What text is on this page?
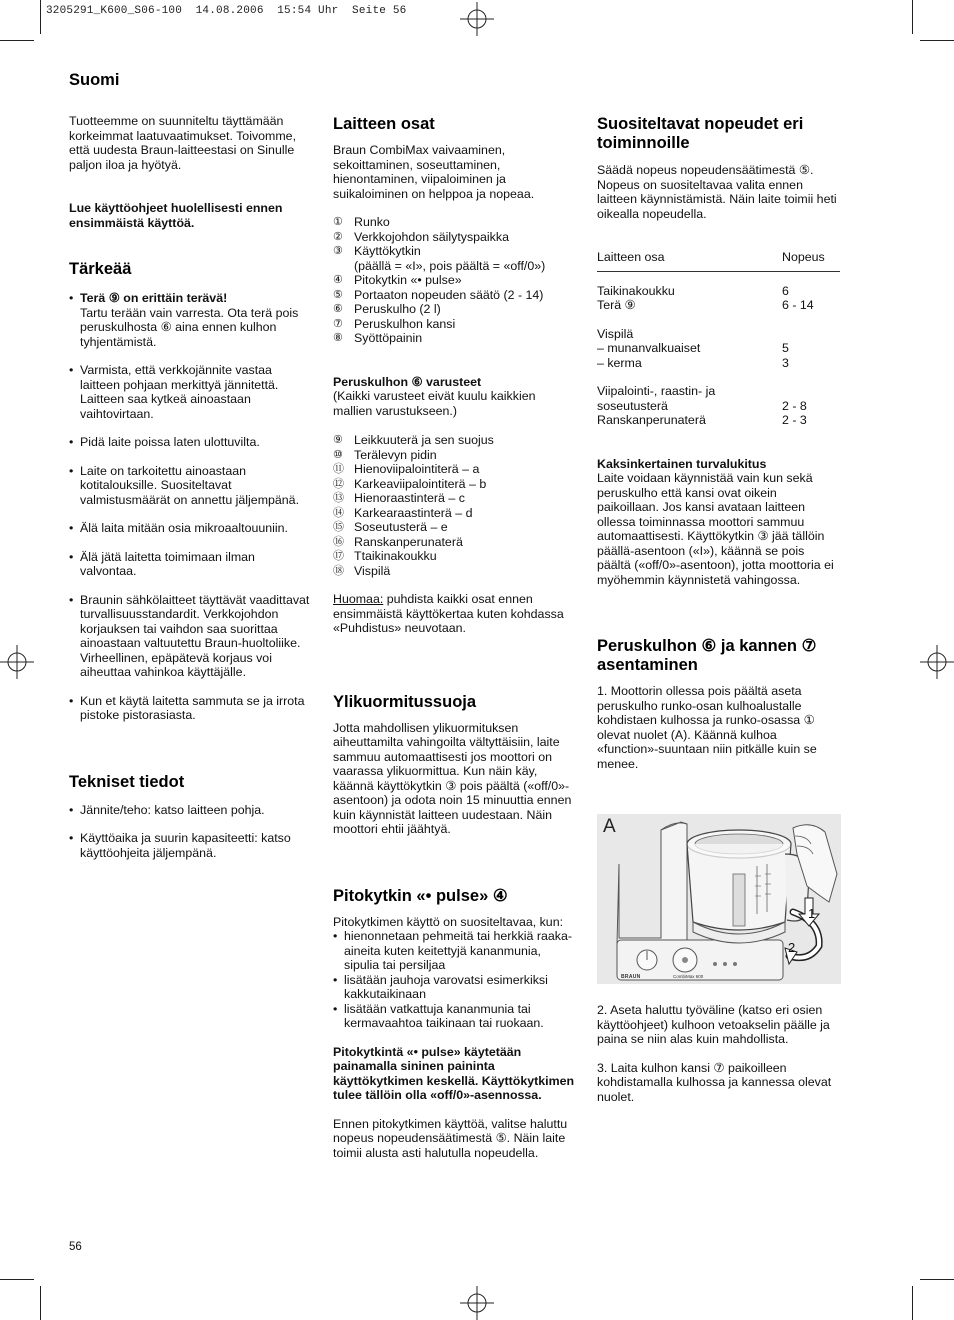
3205291_K600_S06-100  14.08.2006  15:54 Uhr  Seite 56
Suomi

Tuotteemme on suunniteltu täyttämään korkeimmat laatuvaatimukset. Toivomme, että uudesta Braun-laitteestasi on Sinulle paljon iloa ja hyötyä.

Lue käyttöohjeet huolellisesti ennen ensimmäistä käyttöä.

Tärkeää
• Terä ⑨ on erittäin terävä!
Tartu terään vain varresta. Ota terä pois peruskulhosta ⑥ aina ennen kulhon tyhjentämistä.
• Varmista, että verkkojännite vastaa laitteen pohjaan merkittyä jännitettä. Laitteen saa kytkeä ainoastaan vaihtovirtaan.
• Pidä laite poissa laten ulottuvilta.
• Laite on tarkoitettu ainoastaan kotitalouksille. Suositeltavat valmistusmäärät on annettu jäljempänä.
• Älä laita mitään osia mikroaaltouuniin.
• Älä jätä laitetta toimimaan ilman valvontaa.
• Braunin sähkölaitteet täyttävät vaadittavat turvallisuusstandardit. Verkkojohdon korjauksen tai vaihdon saa suorittaa ainoastaan valtuutettu Braun-huoltoliike. Virheellinen, epäpätevä korjaus voi aiheuttaa vahinkoa käyttäjälle.
• Kun et käytä laitetta sammuta se ja irrota pistoke pistorasiasta.
Tekniset tiedot
• Jännite/teho: katso laitteen pohja.
• Käyttöaika ja suurin kapasiteetti: katso käyttöohjeita jäljempänä.
Laitteen osat

Braun CombiMax vaivaaminen, sekoittaminen, soseuttaminen, hienontaminen, viipaloiminen ja suikaloiminen on helppoa ja nopeaa.

① Runko
② Verkkojohdon säilytyspaikka
③ Käyttökytkin
(päällä = «I», pois päältä = «off/0»)
④ Pitokytkin «• pulse»
⑤ Portaaton nopeuden säätö (2 - 14)
⑥ Peruskulho (2 l)
⑦ Peruskulhon kansi
⑧ Syöttöpainin

Peruskulhon ⑥ varusteet

(Kaikki varusteet eivät kuulu kaikkien mallien varustukseen.)

⑨ Leikkuuterä ja sen suojus
⑩ Terälevyn pidin
⑪ Hienoviipalointiterä – a
⑫ Karkeaviipalointiterä – b
⑬ Hienoraastinterä – c
⑭ Karkearaastinterä – d
⑮ Soseutusterä – e
⑯ Ranskanperunaterä
⑰ Ttaikinakoukku
⑱ Vispilä

Huomaa: puhdista kaikki osat ennen ensimmäistä käyttökertaa kuten kohdassa «Puhdistus» neuvotaan.

Ylikuormitussuoja

Jotta mahdollisen ylikuormituksen aiheuttamilta vahingoilta vältyttäisiin, laite sammuu automaattisesti jos moottori on vaarassa ylikuormittua. Kun näin käy, käännä käyttökytkin ③ pois päältä («off/0»-asentoon) ja odota noin 15 minuuttia ennen kuin käynnistät laitteen uudestaan. Näin moottori ehtii jäähtyä.

Pitokytkin «• pulse» ④

Pitokytkimen käyttö on suositeltavaa, kun:

• hienonnetaan pehmeitä tai herkkiä raaka-aineita kuten keitettyjä kananmunia, sipulia tai persiljaa
• lisätään jauhoja varovatsi esimerkiksi kakkutaikinaan
• lisätään vatkattuja kananmunia tai kermavaahtoa taikinaan tai ruokaan.

Pitokytkintä «• pulse» käytetään painamalla sininen paininta käyttökytkimen keskellä. Käyttökytkimen tulee tällöin olla «off/0»-asennossa.

Ennen pitokytkimen käyttöä, valitse haluttu nopeus nopeudensäätimestä ⑤. Näin laite toimii alusta asti halutulla nopeudella.

Suositeltavat nopeudet eri toiminnoille

Säädä nopeus nopeudensäätimestä ⑤. Nopeus on suositeltavaa valita ennen laitteen käynnistämistä. Näin laite toimii heti oikealla nopeudella.

Laitteen osa	Nopeus
Taikinakoukku	6
Terä ⑨	6 - 14

Vispilä	
– munanvalkuaiset	5
– kerma	3

Viipalointi-, raastin- ja	
soseutusterä	2 - 8
Ranskanperunaterä	2 - 3

Kaksinkertainen turvalukitus

Laite voidaan käynnistää vain kun sekä peruskulho että kansi ovat oikein paikoillaan. Jos kansi avataan laitteen ollessa toiminnassa moottori sammuu automaattisesti. Käyttökytkin ③ jää tällöin päällä-asentoon («I»), käännä se pois päältä («off/0»-asentoon), jotta moottoria ei myöhemmin käynnistetä vahingossa.

Peruskulhon ⑥ ja kannen ⑦ asentaminen

1. Moottorin ollessa pois päältä aseta peruskulho runko-osan kulhoalustalle kohdistaen kulhossa ja runko-osassa ① olevat nuolet (A). Käännä kulhoa «function»-suuntaan niin pitkälle kuin se menee.

A
1
2
BRAUN	CombiMax 600

2. Aseta haluttu työväline (katso eri osien käyttöohjeet) kulhoon vetoakselin päälle ja paina se niin alas kuin mahdollista.

3. Laita kulhon kansi ⑦ paikoilleen kohdistamalla kulhossa ja kannessa olevat nuolet.

56
